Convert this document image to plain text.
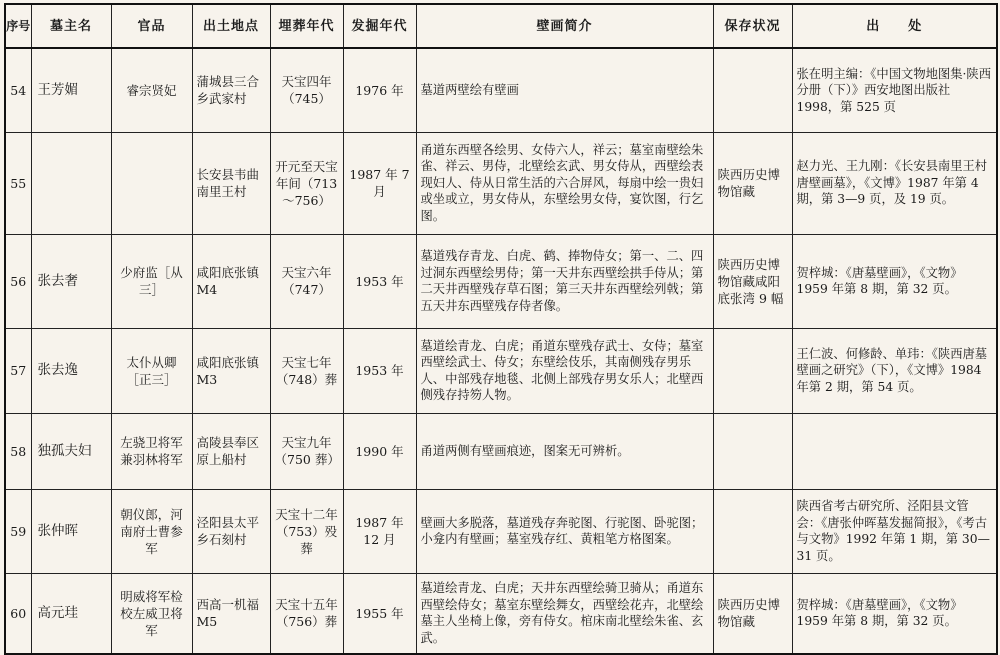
序号	墓主名	官品	出土地点	埋葬年代	发掘年代	壁画简介	保存状况	出　　处
54	王芳媚	睿宗贤妃	蒲城县三合乡武家村	天宝四年（745）	1976 年	墓道两壁绘有壁画		张在明主编：《中国文物地图集·陕西分册（下）》西安地图出版社 1998，第 525 页
55			长安县韦曲南里王村	开元至天宝年间（713～756）	1987 年 7 月	甬道东西壁各绘男、女侍六人，祥云；墓室南壁绘朱雀、祥云、男侍，北壁绘玄武、男女侍从，西壁绘表现妇人、侍从日常生活的六合屏风，每扇中绘一贵妇或坐或立，男女侍从，东壁绘男女侍，宴饮图，行乞图。	陕西历史博物馆藏	赵力光、王九刚：《长安县南里王村唐壁画墓》，《文博》1987 年第 4 期，第 3—9 页，及 19 页。
56	张去奢	少府监［从三］	咸阳底张镇 M4	天宝六年（747）	1953 年	墓道残存青龙、白虎、鹤、捧物侍女；第一、二、四过洞东西壁绘男侍；第一天井东西壁绘拱手侍从；第二天井西壁残存草石图；第三天井东西壁绘列戟；第五天井东西壁残存侍者像。	陕西历史博物馆藏咸阳底张湾 9 幅	贺梓城：《唐墓壁画》，《文物》1959 年第 8 期，第 32 页。
57	张去逸	太仆从卿［正三］	咸阳底张镇 M3	天宝七年（748）葬	1953 年	墓道绘青龙、白虎；甬道东壁残存武士、女侍；墓室西壁绘武士、侍女；东壁绘伎乐，其南侧残存男乐人、中部残存地毯、北侧上部残存男女乐人；北壁西侧残存持笏人物。		王仁波、何修龄、单玮：《陕西唐墓壁画之研究》（下），《文博》1984 年第 2 期，第 54 页。
58	独孤夫妇	左骁卫将军兼羽林将军	高陵县奉区原上船村	天宝九年（750 葬）	1990 年	甬道两侧有壁画痕迹，图案无可辨析。		
59	张仲晖	朝仪郎，河南府士曹参军	泾阳县太平乡石刻村	天宝十二年（753）殁葬	1987 年 12 月	壁画大多脱落，墓道残存奔驼图、行驼图、卧驼图；小龛内有壁画；墓室残存红、黄粗笔方格图案。		陕西省考古研究所、泾阳县文管会：《唐张仲晖墓发掘简报》，《考古与文物》1992 年第 1 期，第 30—31 页。
60	高元珪	明威将军检校左威卫将军	西高一机福 M5	天宝十五年（756）葬	1955 年	墓道绘青龙、白虎；天井东西壁绘骑卫骑从；甬道东西壁绘侍女；墓室东壁绘舞女，西壁绘花卉，北壁绘墓主人坐椅上像，旁有侍女。棺床南北壁绘朱雀、玄武。	陕西历史博物馆藏	贺梓城：《唐墓壁画》，《文物》1959 年第 8 期，第 32 页。
